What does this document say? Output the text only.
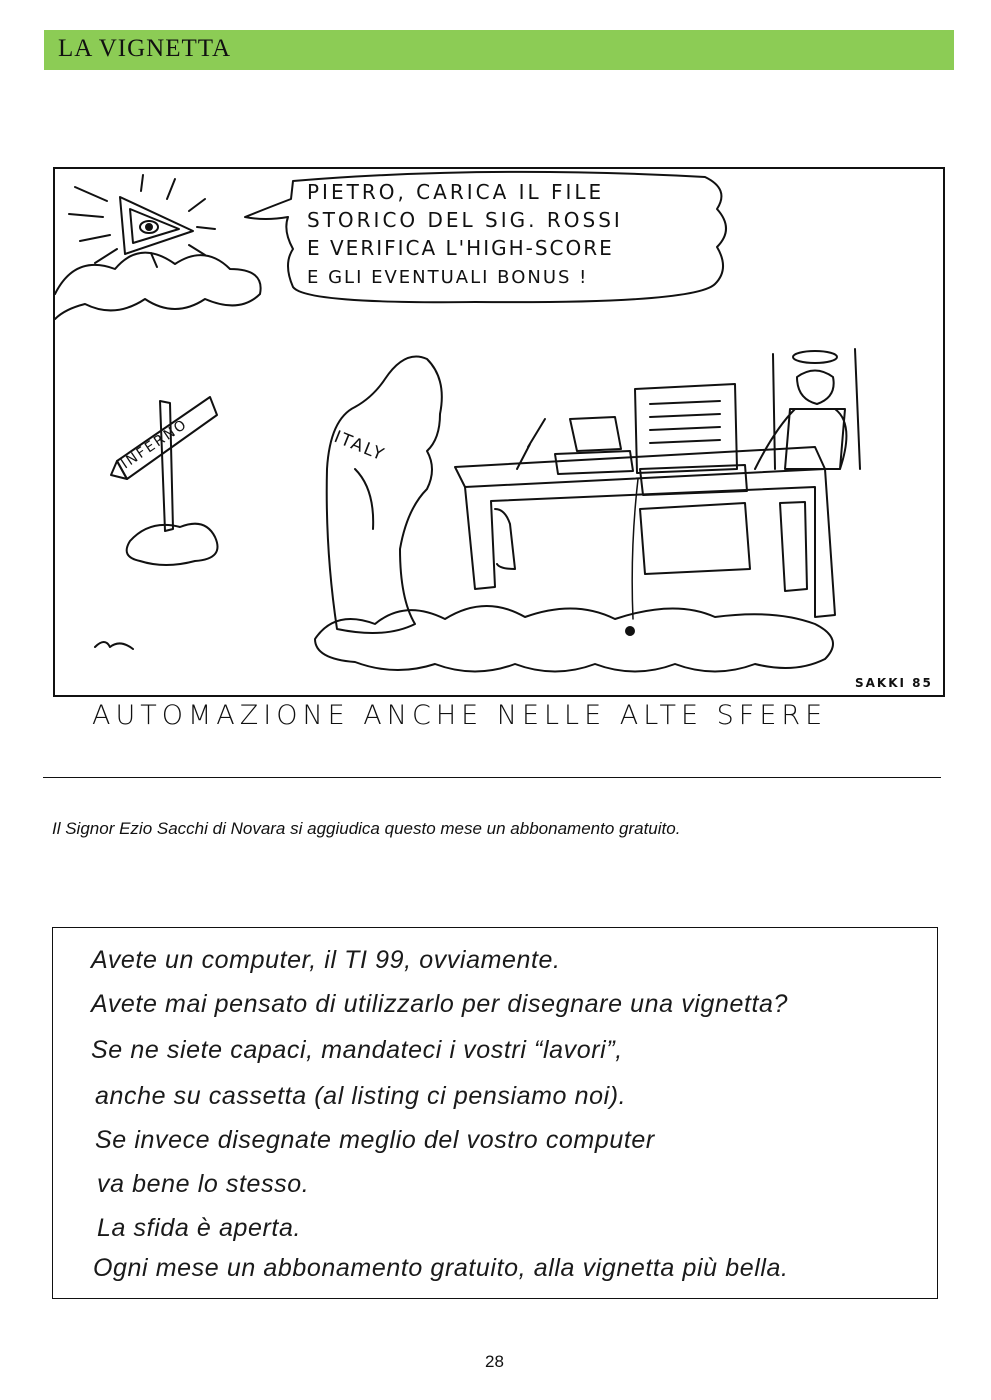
LA VIGNETTA
PIETRO, CARICA IL FILE
STORICO DEL SIG. ROSSI
E VERIFICA L'HIGH-SCORE
E GLI EVENTUALI BONUS !
INFERNO	ITALY
SAKKI 85
AUTOMAZIONE ANCHE NELLE ALTE SFERE
Il Signor Ezio Sacchi di Novara si aggiudica questo mese un abbonamento gratuito.
Avete un computer, il TI 99, ovviamente.
Avete mai pensato di utilizzarlo per disegnare una vignetta?
Se ne siete capaci, mandateci i vostri “lavori”,
anche su cassetta (al listing ci pensiamo noi).
Se invece disegnate meglio del vostro computer
va bene lo stesso.
La sfida è aperta.
Ogni mese un abbonamento gratuito, alla vignetta più bella.
28
